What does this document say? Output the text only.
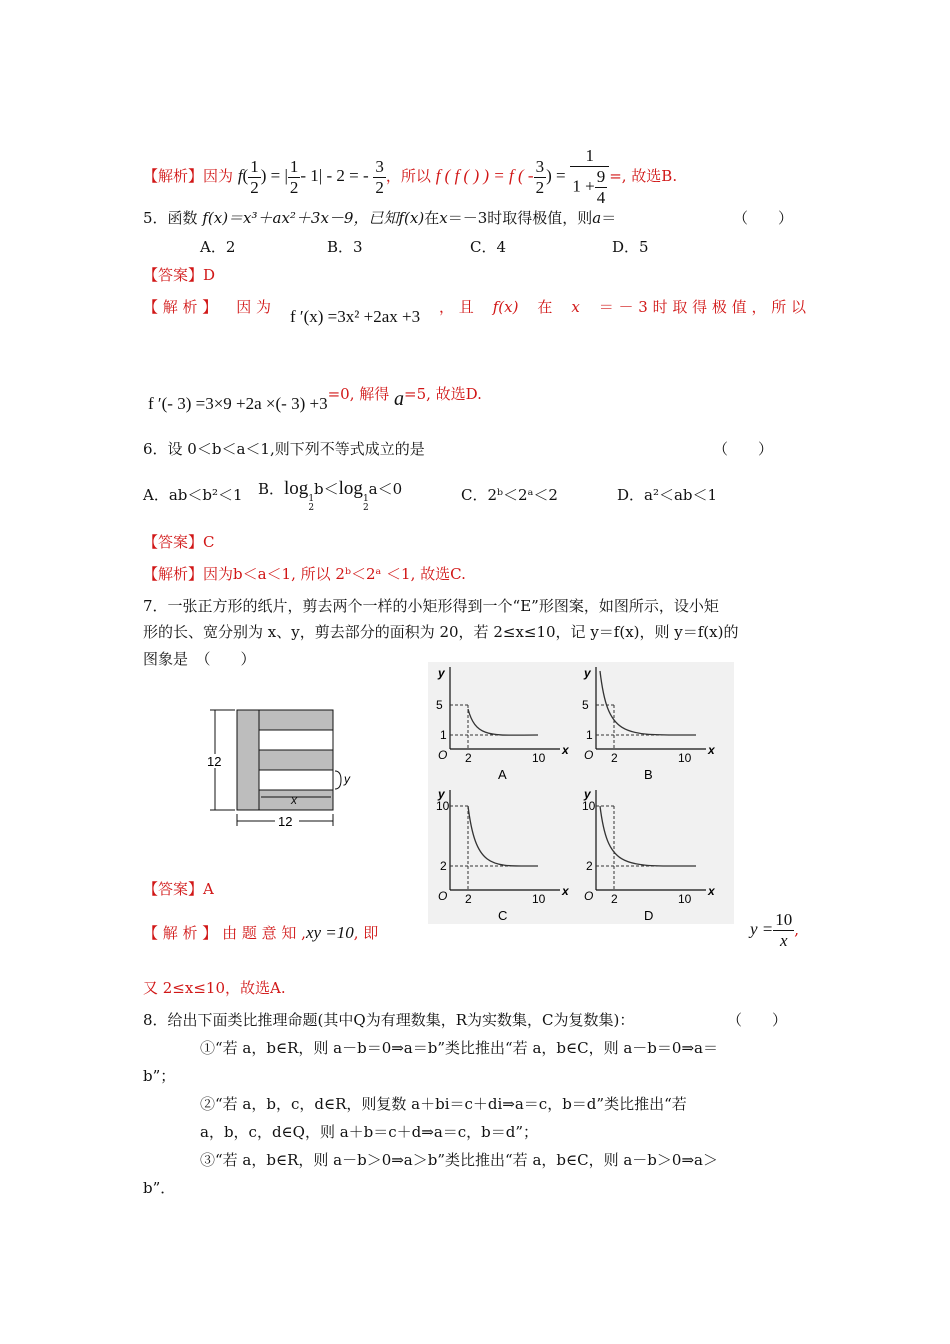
【解析】因为 $f( \frac{1}{2}$ ) = | $\frac{1}{2} - 1| - 2$ = - $\frac{3}{2}$ ，所以 f ( f ( ) ) = f ( - $\frac{3}{2}$ ) = $\frac{1}{1 + \frac{9}{4}}$ =, 故选B.
5．函数 f(x)＝x³＋ax²＋3x－9，已知f(x)在x＝－3时取得极值，则a＝	（　　）
A．2	B．3	C．4	D．5
【答案】D
【 解 析 】 因 为 f ′(x) =3x² +2ax +3 ， 且 f(x) 在 x ＝ － 3 时 取 得 极 值 ， 所 以
f ′(- 3) =3×9 +2a ×(- 3) +3=0, 解得 a=5, 故选D.
6．设 0＜b＜a＜1,则下列不等式成立的是	（　　）
A．ab＜b²＜1 B．log 1
2
b＜log 1
2
a＜0	C．2ᵇ＜2ᵃ＜2	D．a²＜ab＜1
【答案】C
【解析】因为b＜a＜1, 所以 2ᵇ＜2ᵃ ＜1, 故选C.
7．一张正方形的纸片，剪去两个一样的小矩形得到一个“E”形图案，如图所示，设小矩
形的长、宽分别为 x、y，剪去部分的面积为 20，若 2≤x≤10，记 y＝f(x)，则 y＝f(x)的
图象是　（　　）
y
x
12
12
x
y
O
5
1
2	10
A
x
y
O
5
1
2	10
B
x
y
O
10
2
2	10
C
x
y
O
10
2
2	10
D
【答案】A
【 解 析 】 由 题 意 知 ,xy =10, 即	$y = \frac{10}{x}$ ,
又 2≤x≤10，故选A.
8．给出下面类比推理命题(其中Q为有理数集，R为实数集，C为复数集)：	（　　）
①“若 a，b∈R，则 a－b＝0⇒a＝b”类比推出“若 a，b∈C，则 a－b＝0⇒a＝
b”；
②“若 a，b，c，d∈R，则复数 a＋bi＝c＋di⇒a＝c，b＝d”类比推出“若
a，b，c，d∈Q，则 a＋b＝c＋d⇒a＝c，b＝d”；
③“若 a，b∈R，则 a－b＞0⇒a＞b”类比推出“若 a，b∈C，则 a－b＞0⇒a＞
b”．
